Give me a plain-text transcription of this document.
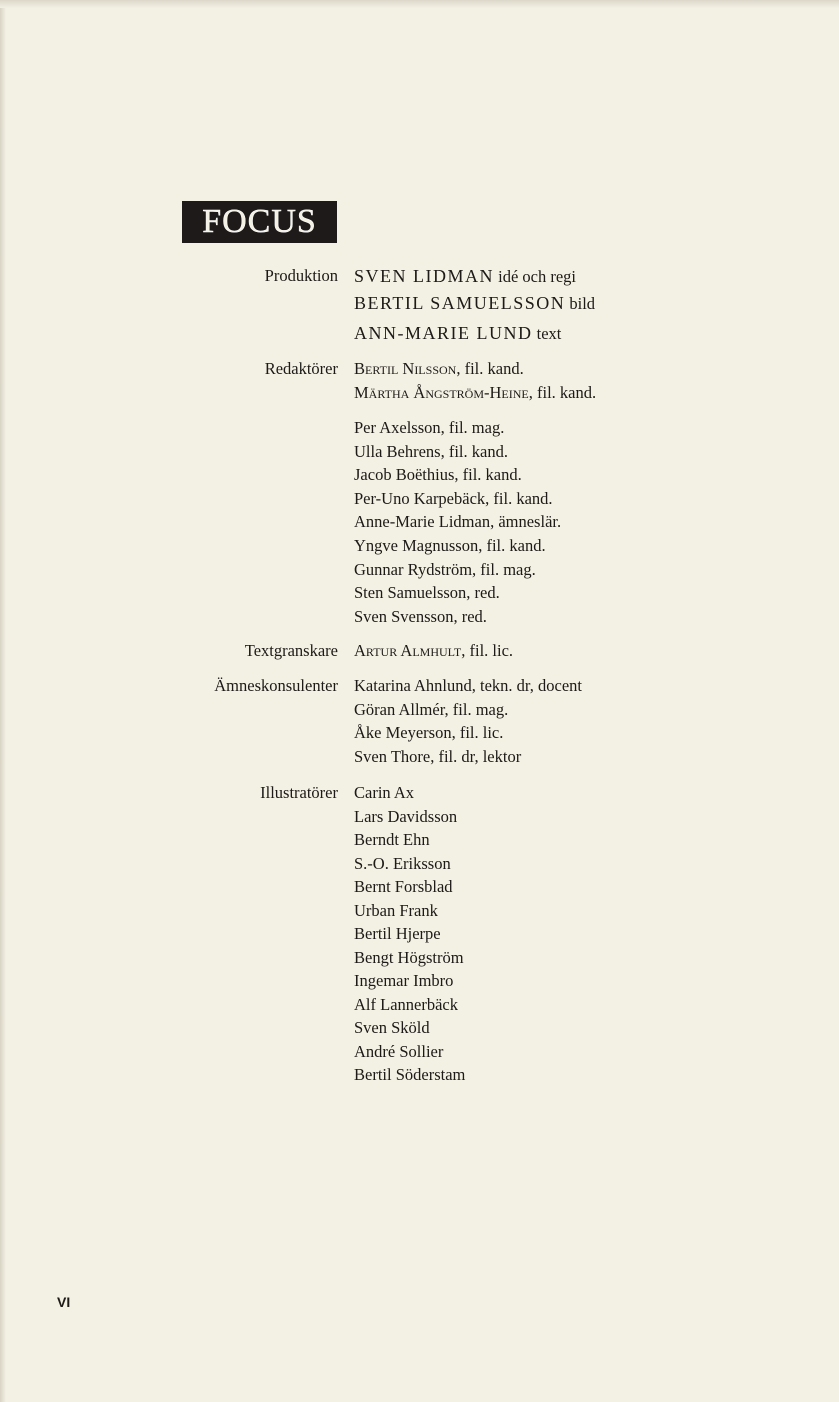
FOCUS
Produktion SVEN LIDMAN idé och regi
BERTIL SAMUELSSON bild
ANN-MARIE LUND text
Redaktörer Bertil Nilsson, fil. kand.
Märtha Ångström-Heine, fil. kand.
Per Axelsson, fil. mag.
Ulla Behrens, fil. kand.
Jacob Boëthius, fil. kand.
Per-Uno Karpebäck, fil. kand.
Anne-Marie Lidman, ämneslär.
Yngve Magnusson, fil. kand.
Gunnar Rydström, fil. mag.
Sten Samuelsson, red.
Sven Svensson, red.
Textgranskare Artur Almhult, fil. lic.
Ämneskonsulenter Katarina Ahnlund, tekn. dr, docent
Göran Allmér, fil. mag.
Åke Meyerson, fil. lic.
Sven Thore, fil. dr, lektor
Illustratörer Carin Ax
Lars Davidsson
Berndt Ehn
S.-O. Eriksson
Bernt Forsblad
Urban Frank
Bertil Hjerpe
Bengt Högström
Ingemar Imbro
Alf Lannerbäck
Sven Sköld
André Sollier
Bertil Söderstam
VI
